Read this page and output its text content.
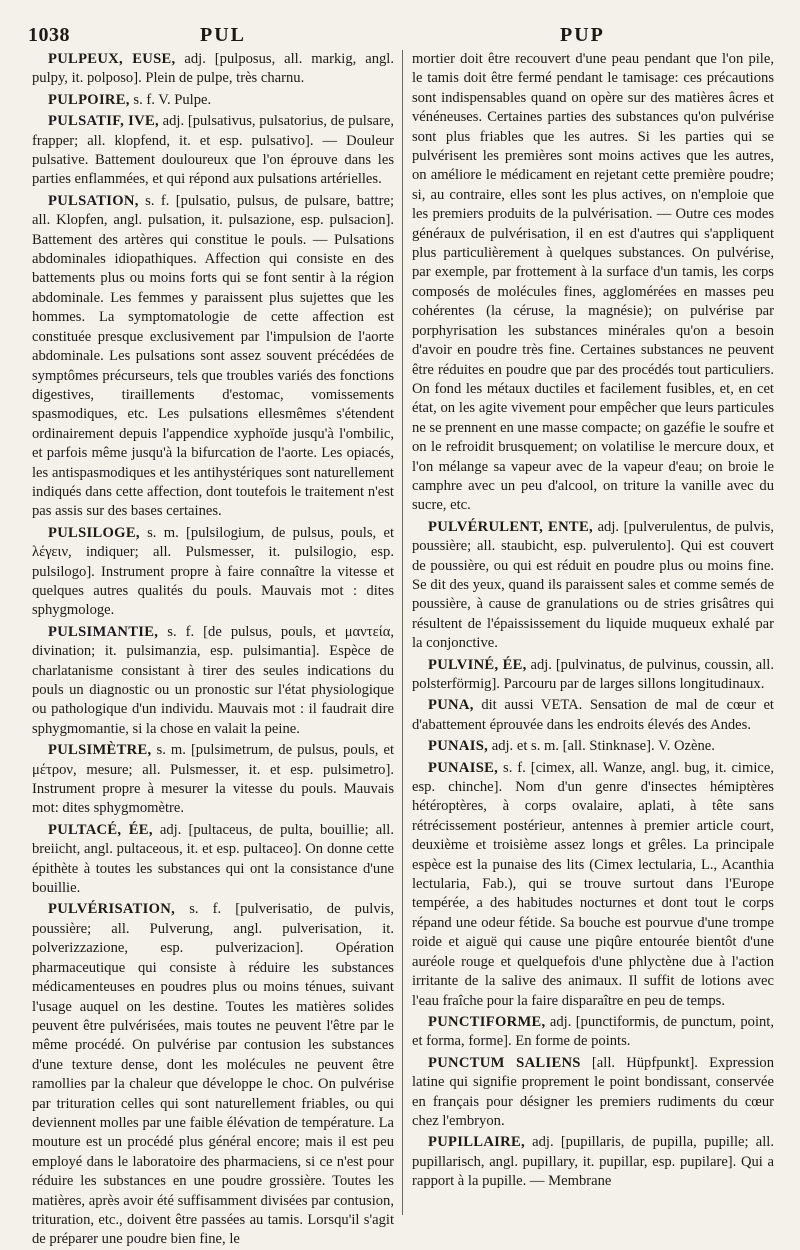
1038	PUL	PUP

PULPEUX, EUSE, adj. [pulposus, all. markig, angl. pulpy, it. polposo]. Plein de pulpe, très charnu.

PULPOIRE, s. f. V. Pulpe.

PULSATIF, IVE, adj. [pulsativus, pulsatorius, de pulsare, frapper; all. klopfend, it. et esp. pulsativo]. — Douleur pulsative. Battement douloureux que l'on éprouve dans les parties enflammées, et qui répond aux pulsations artérielles.

PULSATION, s. f. [pulsatio, pulsus, de pulsare, battre; all. Klopfen, angl. pulsation, it. pulsazione, esp. pulsacion]. Battement des artères qui constitue le pouls. — Pulsations abdominales idiopathiques. Affection qui consiste en des battements plus ou moins forts qui se font sentir à la région abdominale. Les femmes y paraissent plus sujettes que les hommes. La symptomatologie de cette affection est constituée presque exclusivement par l'impulsion de l'aorte abdominale. Les pulsations sont assez souvent précédées de symptômes précurseurs, tels que troubles variés des fonctions digestives, tiraillements d'estomac, vomissements spasmodiques, etc. Les pulsations ellesmêmes s'étendent ordinairement depuis l'appendice xyphoïde jusqu'à l'ombilic, et parfois même jusqu'à la bifurcation de l'aorte. Les opiacés, les antispasmodiques et les antihystériques sont naturellement indiqués dans cette affection, dont toutefois le traitement n'est pas assis sur des bases certaines.

PULSILOGE, s. m. [pulsilogium, de pulsus, pouls, et λέγειν, indiquer; all. Pulsmesser, it. pulsilogio, esp. pulsilogo]. Instrument propre à faire connaître la vitesse et quelques autres qualités du pouls. Mauvais mot : dites sphygmologe.

PULSIMANTIE, s. f. [de pulsus, pouls, et μαντεία, divination; it. pulsimanzia, esp. pulsimantia]. Espèce de charlatanisme consistant à tirer des seules indications du pouls un diagnostic ou un pronostic sur l'état physiologique ou pathologique d'un individu. Mauvais mot : il faudrait dire sphygmomantie, si la chose en valait la peine.

PULSIMÈTRE, s. m. [pulsimetrum, de pulsus, pouls, et μέτρον, mesure; all. Pulsmesser, it. et esp. pulsimetro]. Instrument propre à mesurer la vitesse du pouls. Mauvais mot: dites sphygmomètre.

PULTACÉ, ÉE, adj. [pultaceus, de pulta, bouillie; all. breiicht, angl. pultaceous, it. et esp. pultaceo]. On donne cette épithète à toutes les substances qui ont la consistance d'une bouillie.

PULVÉRISATION, s. f. [pulverisatio, de pulvis, poussière; all. Pulverung, angl. pulverisation, it. polverizzazione, esp. pulverizacion]. Opération pharmaceutique qui consiste à réduire les substances médicamenteuses en poudres plus ou moins ténues, suivant l'usage auquel on les destine. Toutes les matières solides peuvent être pulvérisées, mais toutes ne peuvent l'être par le même procédé. On pulvérise par contusion les substances d'une texture dense, dont les molécules ne peuvent être ramollies par la chaleur que développe le choc. On pulvérise par trituration celles qui sont naturellement friables, ou qui deviennent molles par une faible élévation de température. La mouture est un procédé plus général encore; mais il est peu employé dans le laboratoire des pharmaciens, si ce n'est pour réduire les substances en une poudre grossière. Toutes les matières, après avoir été suffisamment divisées par contusion, trituration, etc., doivent être passées au tamis. Lorsqu'il s'agit de préparer une poudre bien fine, le

mortier doit être recouvert d'une peau pendant que l'on pile, le tamis doit être fermé pendant le tamisage: ces précautions sont indispensables quand on opère sur des matières âcres et vénéneuses. Certaines parties des substances qu'on pulvérise sont plus friables que les autres. Si les parties qui se pulvérisent les premières sont moins actives que les autres, on améliore le médicament en rejetant cette première poudre; si, au contraire, elles sont les plus actives, on n'emploie que les premiers produits de la pulvérisation. — Outre ces modes généraux de pulvérisation, il en est d'autres qui s'appliquent plus particulièrement à quelques substances. On pulvérise, par exemple, par frottement à la surface d'un tamis, les corps composés de molécules fines, agglomérées en masses peu cohérentes (la céruse, la magnésie); on pulvérise par porphyrisation les substances minérales qu'on a besoin d'avoir en poudre très fine. Certaines substances ne peuvent être réduites en poudre que par des procédés tout particuliers. On fond les métaux ductiles et facilement fusibles, et, en cet état, on les agite vivement pour empêcher que leurs particules ne se prennent en une masse compacte; on gazéfie le soufre et on le refroidit brusquement; on volatilise le mercure doux, et l'on mélange sa vapeur avec de la vapeur d'eau; on broie le camphre avec un peu d'alcool, on triture la vanille avec du sucre, etc.

PULVÉRULENT, ENTE, adj. [pulverulentus, de pulvis, poussière; all. staubicht, esp. pulverulento]. Qui est couvert de poussière, ou qui est réduit en poudre plus ou moins fine. Se dit des yeux, quand ils paraissent sales et comme semés de poussière, à cause de granulations ou de stries grisâtres qui résultent de l'épaississement du liquide muqueux exhalé par la conjonctive.

PULVINÉ, ÉE, adj. [pulvinatus, de pulvinus, coussin, all. polsterförmig]. Parcouru par de larges sillons longitudinaux.

PUNA, dit aussi VETA. Sensation de mal de cœur et d'abattement éprouvée dans les endroits élevés des Andes.

PUNAIS, adj. et s. m. [all. Stinknase]. V. Ozène.

PUNAISE, s. f. [cimex, all. Wanze, angl. bug, it. cimice, esp. chinche]. Nom d'un genre d'insectes hémiptères hétéroptères, à corps ovalaire, aplati, à tête sans rétrécissement postérieur, antennes à premier article court, deuxième et troisième assez longs et grêles. La principale espèce est la punaise des lits (Cimex lectularia, L., Acanthia lectularia, Fab.), qui se trouve surtout dans l'Europe tempérée, a des habitudes nocturnes et dont tout le corps répand une odeur fétide. Sa bouche est pourvue d'une trompe roide et aiguë qui cause une piqûre entourée bientôt d'une auréole rouge et quelquefois d'une phlyctène due à l'action irritante de la salive des animaux. Il suffit de lotions avec l'eau fraîche pour la faire disparaître en peu de temps.

PUNCTIFORME, adj. [punctiformis, de punctum, point, et forma, forme]. En forme de points.

PUNCTUM SALIENS [all. Hüpfpunkt]. Expression latine qui signifie proprement le point bondissant, conservée en français pour désigner les premiers rudiments du cœur chez l'embryon.

PUPILLAIRE, adj. [pupillaris, de pupilla, pupille; all. pupillarisch, angl. pupillary, it. pupillar, esp. pupilare]. Qui a rapport à la pupille. — Membrane
